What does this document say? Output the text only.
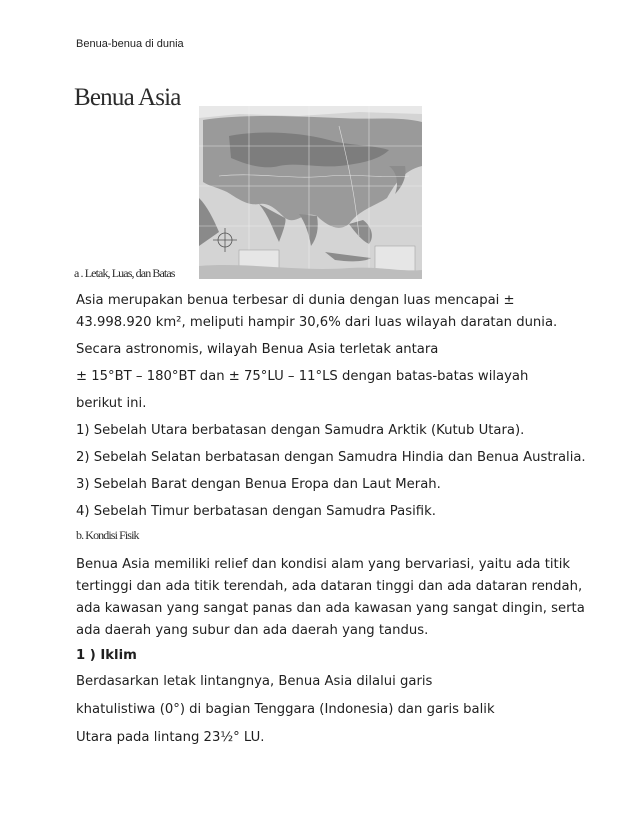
Benua-benua di dunia
Benua Asia
a . Letak, Luas, dan Batas
Asia merupakan benua terbesar di dunia dengan luas mencapai ±
43.998.920 km², meliputi hampir 30,6% dari luas wilayah daratan dunia.
Secara astronomis, wilayah Benua Asia terletak antara
± 15°BT – 180°BT dan ± 75°LU – 11°LS dengan batas-batas wilayah
berikut ini.
1) Sebelah Utara berbatasan dengan Samudra Arktik (Kutub Utara).
2) Sebelah Selatan berbatasan dengan Samudra Hindia dan Benua Australia.
3) Sebelah Barat dengan Benua Eropa dan Laut Merah.
4) Sebelah Timur berbatasan dengan Samudra Pasifik.
b. Kondisi Fisik
Benua Asia memiliki relief dan kondisi alam yang bervariasi, yaitu ada titik
tertinggi dan ada titik terendah, ada dataran tinggi dan ada dataran rendah,
ada kawasan yang sangat panas dan ada kawasan yang sangat dingin, serta
ada daerah yang subur dan ada daerah yang tandus.
1 ) Iklim
Berdasarkan letak lintangnya, Benua Asia dilalui garis
khatulistiwa (0°) di bagian Tenggara (Indonesia) dan garis balik
Utara pada lintang 23½° LU.
